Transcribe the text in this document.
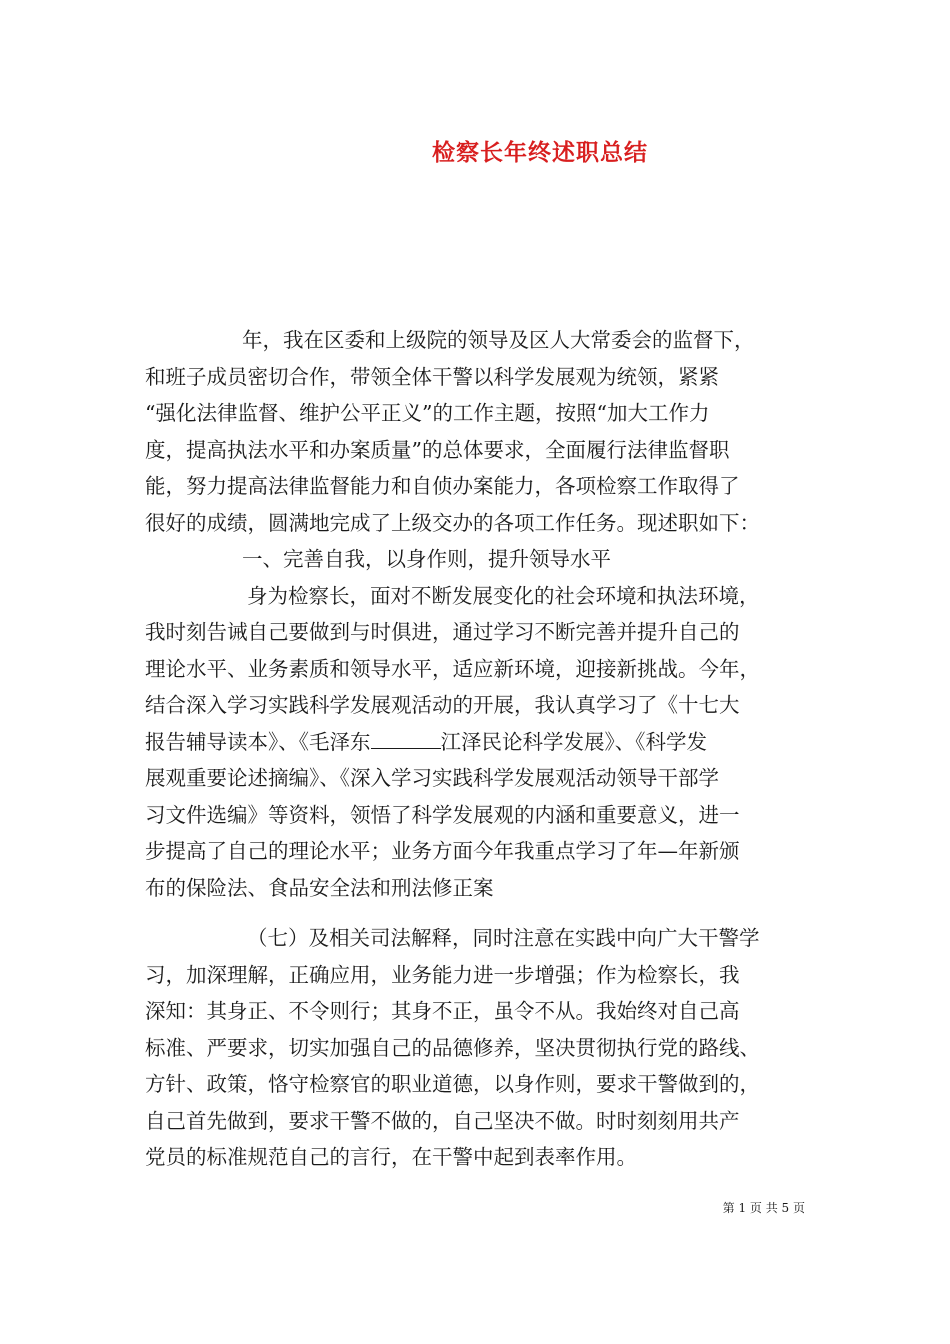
检察长年终述职总结
年，我在区委和上级院的领导及区人大常委会的监督下，
和班子成员密切合作，带领全体干警以科学发展观为统领，紧紧
“强化法律监督、维护公平正义”的工作主题，按照“加大工作力
度，提高执法水平和办案质量”的总体要求，全面履行法律监督职
能，努力提高法律监督能力和自侦办案能力，各项检察工作取得了
很好的成绩，圆满地完成了上级交办的各项工作任务。现述职如下：
一、完善自我，以身作则，提升领导水平
身为检察长，面对不断发展变化的社会环境和执法环境，
我时刻告诫自己要做到与时俱进，通过学习不断完善并提升自己的
理论水平、业务素质和领导水平，适应新环境，迎接新挑战。今年，
结合深入学习实践科学发展观活动的开展，我认真学习了《十七大
报告辅导读本》、《毛泽东	江泽民论科学发展》、《科学发
展观重要论述摘编》、《深入学习实践科学发展观活动领导干部学
习文件选编》等资料，领悟了科学发展观的内涵和重要意义，进一
步提高了自己的理论水平；业务方面今年我重点学习了年—年新颁
布的保险法、食品安全法和刑法修正案
（七）及相关司法解释，同时注意在实践中向广大干警学
习，加深理解，正确应用，业务能力进一步增强；作为检察长，我
深知：其身正、不令则行；其身不正，虽令不从。我始终对自己高
标准、严要求，切实加强自己的品德修养，坚决贯彻执行党的路线、
方针、政策，恪守检察官的职业道德，以身作则，要求干警做到的，
自己首先做到，要求干警不做的，自己坚决不做。时时刻刻用共产
党员的标准规范自己的言行，在干警中起到表率作用。
第 1 页 共 5 页
